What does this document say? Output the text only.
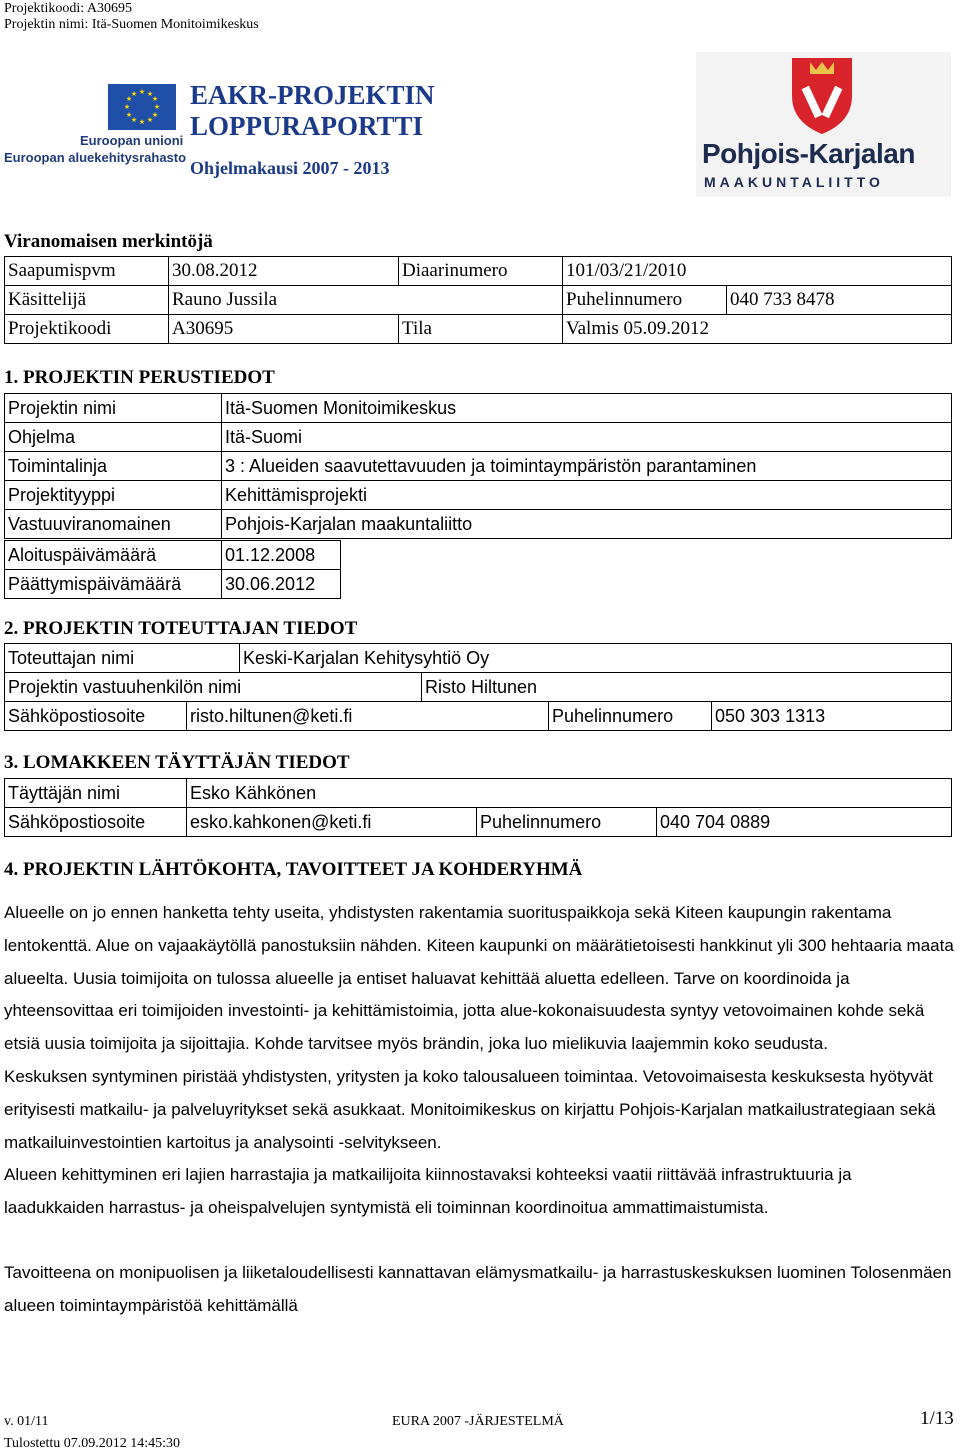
Projektikoodi: A30695
Projektin nimi: Itä-Suomen Monitoimikeskus
★ ★
★
★
★
★
★
★
★
★
★
★
Euroopan unioni
Euroopan aluekehitysrahasto
EAKR-PROJEKTIN
LOPPURAPORTTI
Ohjelmakausi 2007 - 2013	Pohjois-Karjalan
MAAKUNTALIITTO
Viranomaisen merkintöjä
Saapumispvm	30.08.2012	Diaarinumero	101/03/21/2010	
Käsittelijä	Rauno Jussila		Puhelinnumero	040 733 8478
Projektikoodi	A30695	Tila	Valmis 05.09.2012	
1. PROJEKTIN PERUSTIEDOT
Projektin nimi	Itä-Suomen Monitoimikeskus
Ohjelma	Itä-Suomi
Toimintalinja	3 : Alueiden saavutettavuuden ja toimintaympäristön parantaminen
Projektityyppi	Kehittämisprojekti
Vastuuviranomainen	Pohjois-Karjalan maakuntaliitto
Aloituspäivämäärä	01.12.2008
Päättymispäivämäärä	30.06.2012
2. PROJEKTIN TOTEUTTAJAN TIEDOT
Toteuttajan nimi	Keski-Karjalan Kehitysyhtiö Oy
Projektin vastuuhenkilön nimi	Risto Hiltunen
Sähköpostiosoite	risto.hiltunen@keti.fi	Puhelinnumero	050 303 1313
3. LOMAKKEEN TÄYTTÄJÄN TIEDOT
Täyttäjän nimi	Esko Kähkönen		
Sähköpostiosoite	esko.kahkonen@keti.fi	Puhelinnumero	040 704 0889
4. PROJEKTIN LÄHTÖKOHTA, TAVOITTEET JA KOHDERYHMÄ
Alueelle on jo ennen hanketta tehty useita, yhdistysten rakentamia suorituspaikkoja sekä Kiteen kaupungin rakentama lentokenttä. Alue on vajaakäytöllä panostuksiin nähden. Kiteen kaupunki on määrätietoisesti hankkinut yli 300 hehtaaria maata alueelta. Uusia toimijoita on tulossa alueelle ja entiset haluavat kehittää aluetta edelleen. Tarve on koordinoida ja yhteensovittaa eri toimijoiden investointi- ja kehittämistoimia, jotta alue-kokonaisuudesta syntyy vetovoimainen kohde sekä etsiä uusia toimijoita ja sijoittajia. Kohde tarvitsee myös brändin, joka luo mielikuvia laajemmin koko seudusta.
Keskuksen syntyminen piristää yhdistysten, yritysten ja koko talousalueen toimintaa. Vetovoimaisesta keskuksesta hyötyvät erityisesti matkailu- ja palveluyritykset sekä asukkaat. Monitoimikeskus on kirjattu Pohjois-Karjalan matkailustrategiaan sekä matkailuinvestointien kartoitus ja analysointi -selvitykseen.
Alueen kehittyminen eri lajien harrastajia ja matkailijoita kiinnostavaksi kohteeksi vaatii riittävää infrastruktuuria ja laadukkaiden harrastus- ja oheispalvelujen syntymistä eli toiminnan koordinoitua ammattimaistumista.
Tavoitteena on monipuolisen ja liiketaloudellisesti kannattavan elämysmatkailu- ja harrastuskeskuksen luominen Tolosenmäen alueen toimintaympäristöä kehittämällä
v. 01/11	EURA 2007 -JÄRJESTELMÄ	1/13
Tulostettu 07.09.2012 14:45:30
